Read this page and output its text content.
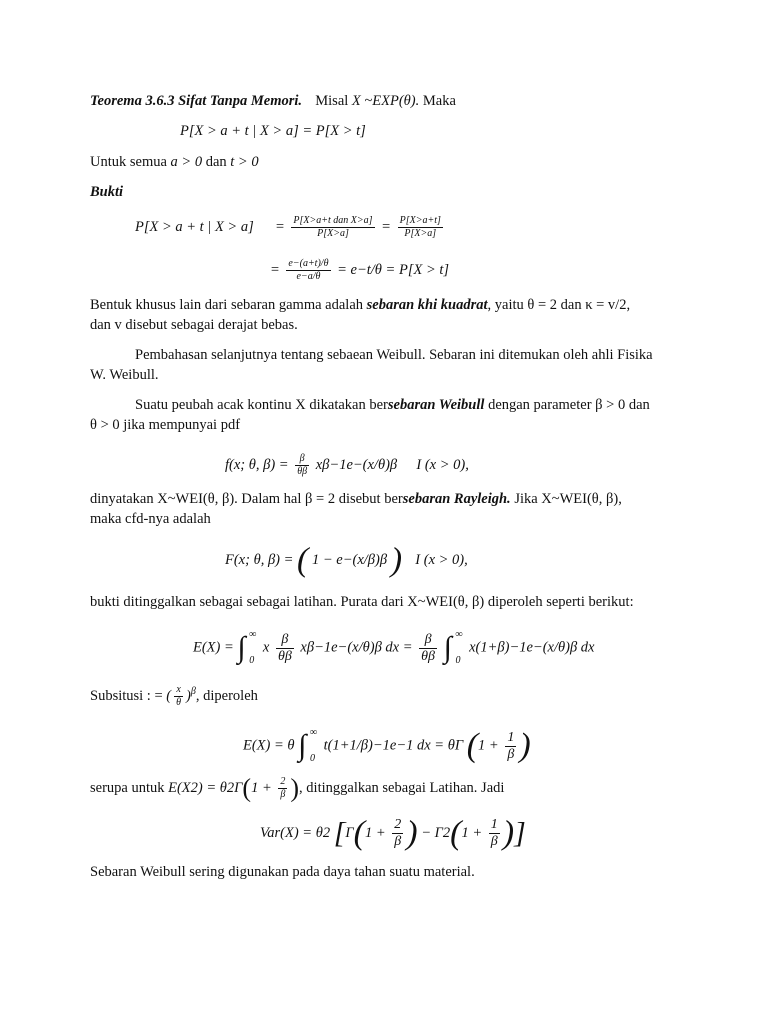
Teorema 3.6.3 Sifat Tanpa Memori. Misal X ~EXP(θ). Maka
P[X > a + t | X > a] = P[X > t]
Untuk semua a > 0 dan t > 0
Bukti
P[X > a + t | $X > a] = \frac{\text{P[X>a+t dan X>a]}}{P[X>a]} = \frac{P[X>a+t]}{P[X>a]}$
= $\frac{e-(a+t)/\theta}{e-a/\theta} = e-t/\theta = P[X > t]$
Bentuk khusus lain dari sebaran gamma adalah sebaran khi kuadrat, yaitu θ = 2 dan κ = v/2,
dan v disebut sebagai derajat bebas.
Pembahasan selanjutnya tentang sebaean Weibull. Sebaran ini ditemukan oleh ahli Fisika
W. Weibull.
Suatu peubah acak kontinu X dikatakan bersebaran Weibull dengan parameter β > 0 dan
θ > 0 jika mempunyai pdf
f(x; θ, $\beta) = \frac{\beta}{\theta\beta} x\beta-1e-(x/\theta)\beta$ I (x > 0),
dinyatakan X~WEI(θ, β). Dalam hal β = 2 disebut bersebaran Rayleigh. Jika X~WEI(θ, β),
maka cfd-nya adalah
F(x; θ, β) = ( 1 − e−(x/β)β ) I (x > 0),
bukti ditinggalkan sebagai sebagai latihan. Purata dari X~WEI(θ, β) diperoleh seperti berikut:
E(X) = ∫ ∞
0
x $\frac{\beta}{\theta\beta} x\beta-1e-(x/\theta)\beta$ dx = $\frac{\beta}{\theta\beta}$ ∫ ∞
0
x(1+β)−1e−(x/θ)β dx
Subsitusi : = ( $\frac{x}{\theta} )^\beta$, diperoleh
E(X) = θ ∫ ∞
0
t(1+1/β)−1e−1 dx = θΓ ($1 + \frac{1}{\beta}$ )
serupa untuk $E(X2) = \theta 2\Gamma(1 + \frac{2}{\beta}$ ), ditinggalkan sebagai Latihan. Jadi
Var(X) = θ2 [$\Gamma(1 + \frac{2}{\beta}$ ) − $\Gamma 2(1 + \frac{1}{\beta}$ )]
Sebaran Weibull sering digunakan pada daya tahan suatu material.
